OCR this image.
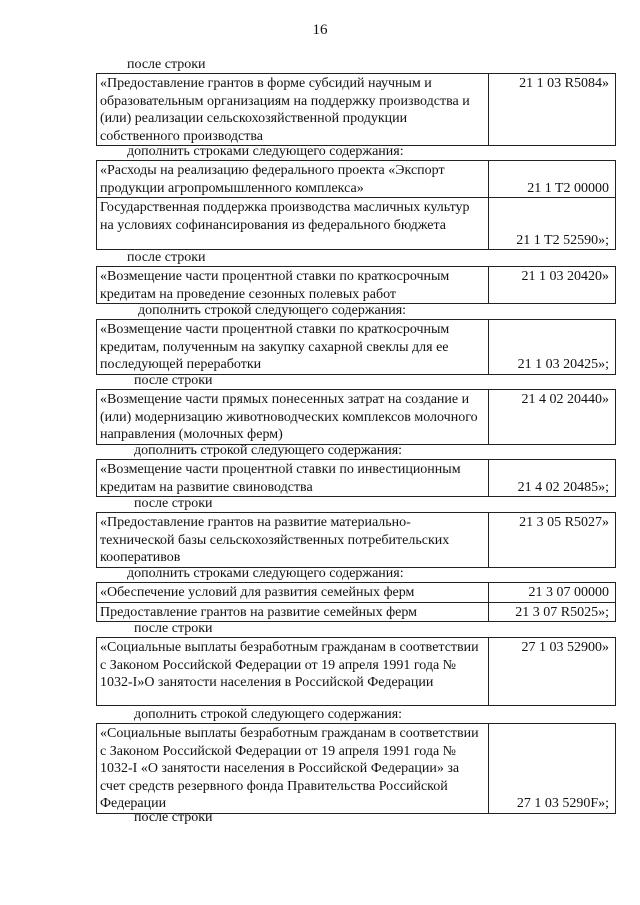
16
после строки
«Предоставление грантов в форме субсидий научным и образовательным организациям на поддержку производства и (или) реализации сельскохозяйственной продукции собственного производства	21 1 03 R5084»
дополнить строками следующего содержания:
«Расходы на реализацию федерального проекта «Экспорт продукции агропромышленного комплекса»	21 1 T2 00000
Государственная поддержка производства масличных культур на условиях софинансирования из федерального бюджета	21 1 T2 52590»;
после строки
«Возмещение части процентной ставки по краткосрочным кредитам на проведение сезонных полевых работ	21 1 03 20420»
дополнить строкой следующего содержания:
«Возмещение части процентной ставки по краткосрочным кредитам, полученным на закупку сахарной свеклы для ее последующей переработки	21 1 03 20425»;
после строки
«Возмещение части прямых понесенных затрат на создание и (или) модернизацию животноводческих комплексов молочного направления (молочных ферм)	21 4 02 20440»
дополнить строкой следующего содержания:
«Возмещение части процентной ставки по инвестиционным кредитам на развитие свиноводства	21 4 02 20485»;
после строки
«Предоставление грантов на развитие материально-технической базы сельскохозяйственных потребительских кооперативов	21 3 05 R5027»
дополнить строками следующего содержания:
«Обеспечение условий для развития семейных ферм	21 3 07 00000
Предоставление грантов на развитие семейных ферм	21 3 07 R5025»;
после строки
«Социальные выплаты безработным гражданам в соответствии с Законом Российской Федерации от 19 апреля 1991 года № 1032-I»О занятости населения в Российской Федерации	27 1 03 52900»
дополнить строкой следующего содержания:
«Социальные выплаты безработным гражданам в соответствии с Законом Российской Федерации от 19 апреля 1991 года № 1032-I «О занятости населения в Российской Федерации» за счет средств резервного фонда Правительства Российской Федерации	27 1 03 5290F»;
после строки
